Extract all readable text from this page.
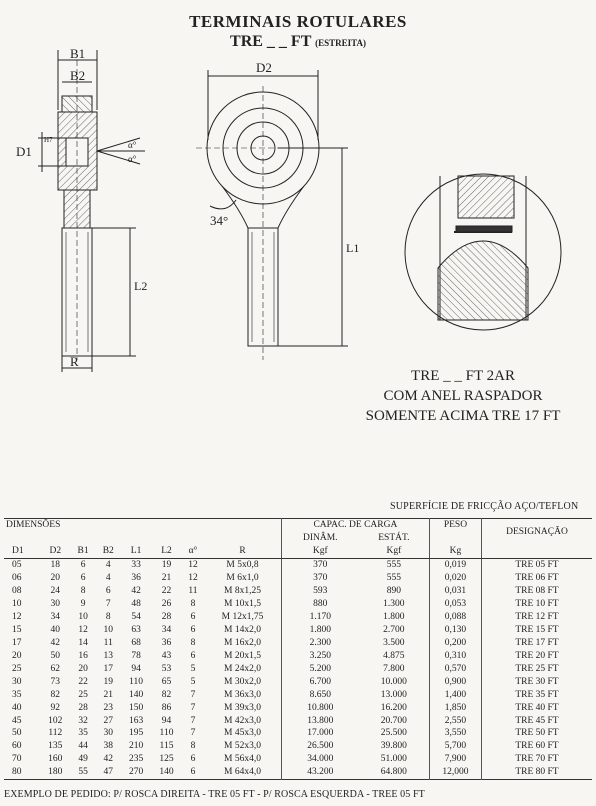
TERMINAIS ROTULARES
TRE _ _ FT (ESTREITA)
B1
B2
D1
H7	α°
α°
L2
R
D2
34°
L1
TRE _ _ FT 2AR
COM ANEL RASPADOR
SOMENTE ACIMA TRE 17 FT
SUPERFÍCIE DE FRICÇÃO AÇO/TEFLON
DIMENSÕES								CAPAC. DE CARGA		PESO	DESIGNAÇÃO
								DINÂM.	ESTÁT.		
D1	D2	B1	B2	L1	L2	α°	R	Kgf	Kgf	Kg	
05	18	6	4	33	19	12	M 5x0,8	370	555	0,019	TRE 05 FT
06	20	6	4	36	21	12	M 6x1,0	370	555	0,020	TRE 06 FT
08	24	8	6	42	22	11	M 8x1,25	593	890	0,031	TRE 08 FT
10	30	9	7	48	26	8	M 10x1,5	880	1.300	0,053	TRE 10 FT
12	34	10	8	54	28	6	M 12x1,75	1.170	1.800	0,088	TRE 12 FT
15	40	12	10	63	34	6	M 14x2,0	1.800	2.700	0,130	TRE 15 FT
17	42	14	11	68	36	8	M 16x2,0	2.300	3.500	0,200	TRE 17 FT
20	50	16	13	78	43	6	M 20x1,5	3.250	4.875	0,310	TRE 20 FT
25	62	20	17	94	53	5	M 24x2,0	5.200	7.800	0,570	TRE 25 FT
30	73	22	19	110	65	5	M 30x2,0	6.700	10.000	0,900	TRE 30 FT
35	82	25	21	140	82	7	M 36x3,0	8.650	13.000	1,400	TRE 35 FT
40	92	28	23	150	86	7	M 39x3,0	10.800	16.200	1,850	TRE 40 FT
45	102	32	27	163	94	7	M 42x3,0	13.800	20.700	2,550	TRE 45 FT
50	112	35	30	195	110	7	M 45x3,0	17.000	25.500	3,550	TRE 50 FT
60	135	44	38	210	115	8	M 52x3,0	26.500	39.800	5,700	TRE 60 FT
70	160	49	42	235	125	6	M 56x4,0	34.000	51.000	7,900	TRE 70 FT
80	180	55	47	270	140	6	M 64x4,0	43.200	64.800	12,000	TRE 80 FT
EXEMPLO DE PEDIDO: P/ ROSCA DIREITA - TRE 05 FT - P/ ROSCA ESQUERDA - TREE 05 FT
